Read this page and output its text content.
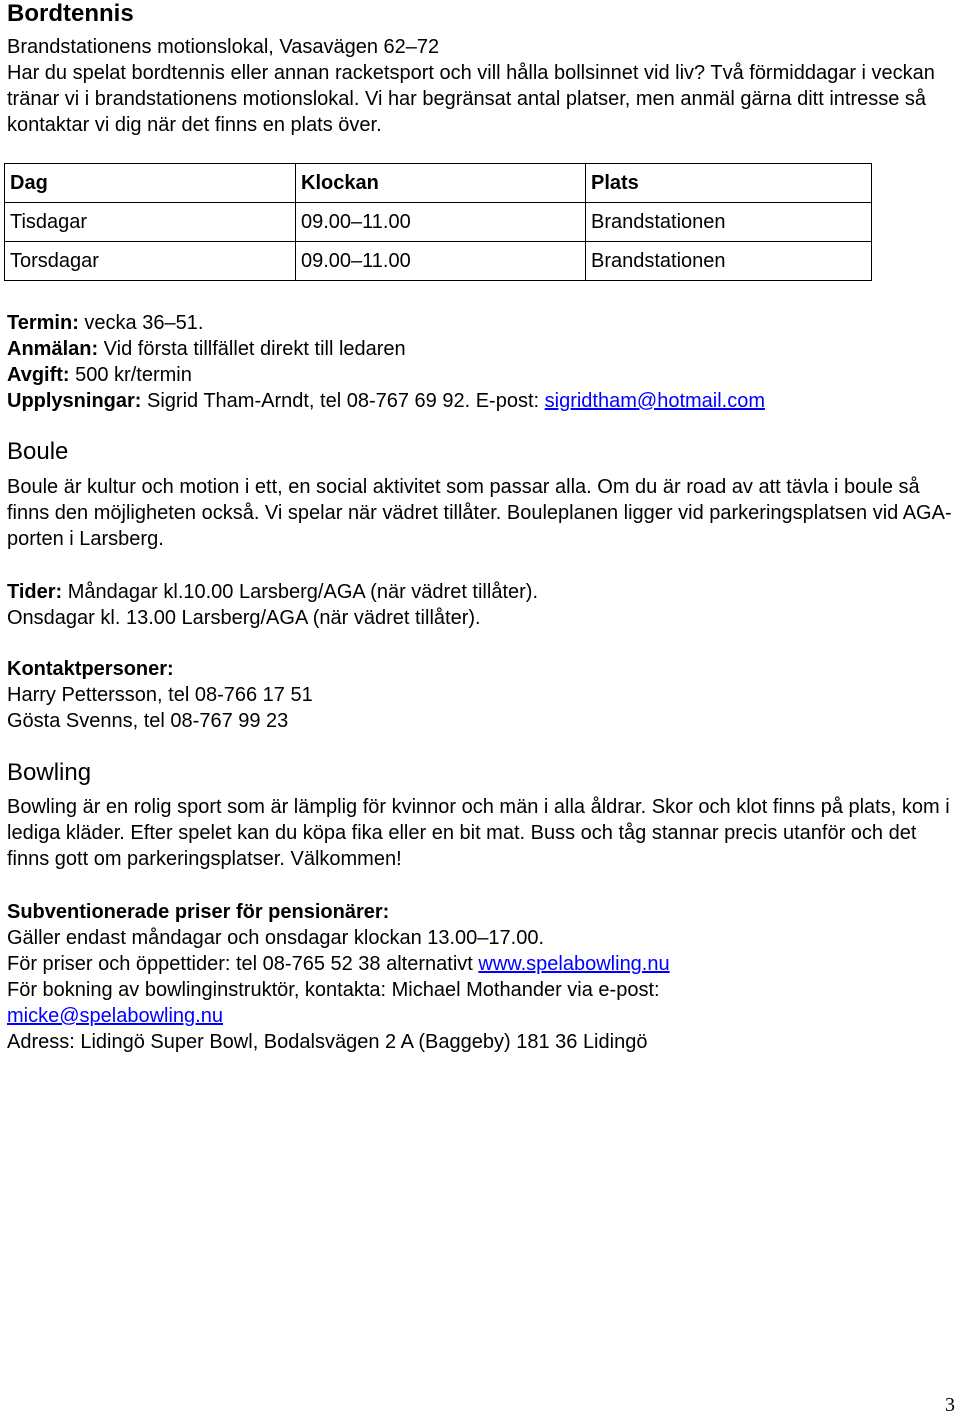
Bordtennis
Brandstationens motionslokal, Vasavägen 62–72
Har du spelat bordtennis eller annan racketsport och vill hålla bollsinnet vid liv? Två förmiddagar i veckan tränar vi i brandstationens motionslokal. Vi har begränsat antal platser, men anmäl gärna ditt intresse så kontaktar vi dig när det finns en plats över.
Dag	Klockan	Plats
Tisdagar	09.00–11.00	Brandstationen
Torsdagar	09.00–11.00	Brandstationen
Termin: vecka 36–51.
Anmälan: Vid första tillfället direkt till ledaren
Avgift: 500 kr/termin
Upplysningar: Sigrid Tham-Arndt, tel 08-767 69 92. E-post: sigridtham@hotmail.com
Boule
Boule är kultur och motion i ett, en social aktivitet som passar alla. Om du är road av att tävla i boule så finns den möjligheten också. Vi spelar när vädret tillåter. Bouleplanen ligger vid parkeringsplatsen vid AGA-porten i Larsberg.
Tider: Måndagar kl.10.00 Larsberg/AGA (när vädret tillåter).
Onsdagar kl. 13.00 Larsberg/AGA (när vädret tillåter).
Kontaktpersoner:
Harry Pettersson, tel 08-766 17 51
Gösta Svenns, tel 08-767 99 23
Bowling
Bowling är en rolig sport som är lämplig för kvinnor och män i alla åldrar. Skor och klot finns på plats, kom i lediga kläder. Efter spelet kan du köpa fika eller en bit mat. Buss och tåg stannar precis utanför och det finns gott om parkeringsplatser. Välkommen!
Subventionerade priser för pensionärer:
Gäller endast måndagar och onsdagar klockan 13.00–17.00.
För priser och öppettider: tel 08-765 52 38 alternativt www.spelabowling.nu
För bokning av bowlinginstruktör, kontakta: Michael Mothander via e-post:
micke@spelabowling.nu
Adress: Lidingö Super Bowl, Bodalsvägen 2 A (Baggeby) 181 36 Lidingö
3
